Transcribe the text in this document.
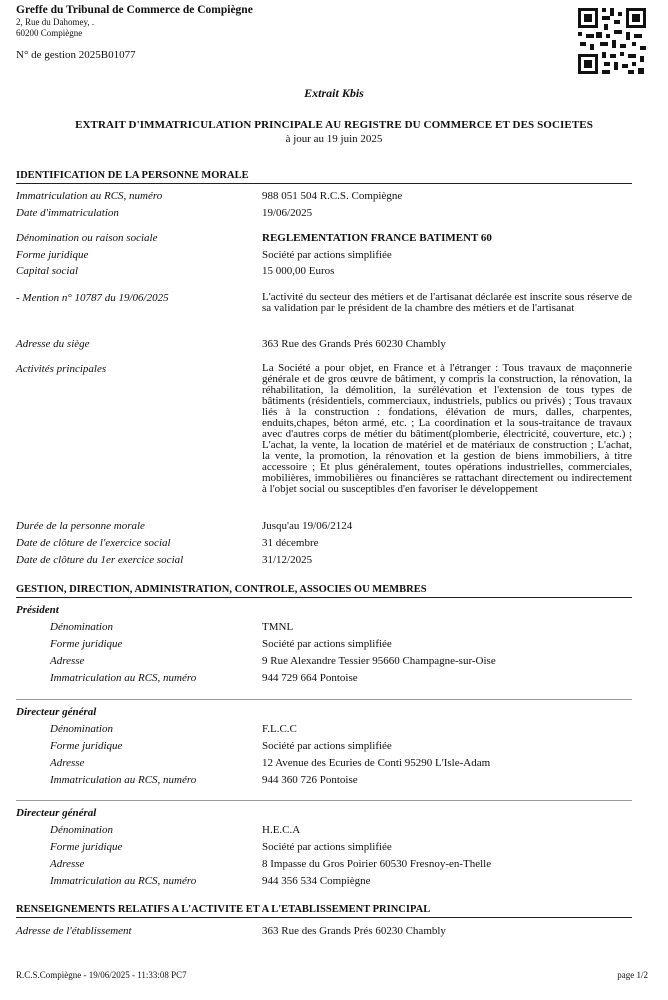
Greffe du Tribunal de Commerce de Compiègne
2, Rue du Dahomey, .
60200 Compiègne
N° de gestion 2025B01077
Extrait Kbis
EXTRAIT D'IMMATRICULATION PRINCIPALE AU REGISTRE DU COMMERCE ET DES SOCIETES
à jour au 19 juin 2025
IDENTIFICATION DE LA PERSONNE MORALE
Immatriculation au RCS, numéro	988 051 504 R.C.S. Compiègne
Date d'immatriculation	19/06/2025
Dénomination ou raison sociale	REGLEMENTATION FRANCE BATIMENT 60
Forme juridique	Société par actions simplifiée
Capital social	15 000,00 Euros
- Mention n° 10787 du 19/06/2025	L'activité du secteur des métiers et de l'artisanat déclarée est inscrite sous réserve de sa validation par le président de la chambre des métiers et de l'artisanat
Adresse du siège	363 Rue des Grands Prés 60230 Chambly
Activités principales	La Société a pour objet, en France et à l'étranger : Tous travaux de maçonnerie générale et de gros œuvre de bâtiment, y compris la construction, la rénovation, la réhabilitation, la démolition, la surélévation et l'extension de tous types de bâtiments (résidentiels, commerciaux, industriels, publics ou privés) ; Tous travaux liés à la construction : fondations, élévation de murs, dalles, charpentes, enduits,chapes, béton armé, etc. ; La coordination et la sous-traitance de travaux avec d'autres corps de métier du bâtiment(plomberie, électricité, couverture, etc.) ; L'achat, la vente, la location de matériel et de matériaux de construction ; L'achat, la vente, la promotion, la rénovation et la gestion de biens immobiliers, à titre accessoire ; Et plus généralement, toutes opérations industrielles, commerciales, mobilières, immobilières ou financières se rattachant directement ou indirectement à l'objet social ou susceptibles d'en favoriser le développement
Durée de la personne morale	Jusqu'au 19/06/2124
Date de clôture de l'exercice social	31 décembre
Date de clôture du 1er exercice social	31/12/2025
GESTION, DIRECTION, ADMINISTRATION, CONTROLE, ASSOCIES OU MEMBRES
Président
Dénomination	TMNL
Forme juridique	Société par actions simplifiée
Adresse	9 Rue Alexandre Tessier 95660 Champagne-sur-Oise
Immatriculation au RCS, numéro	944 729 664 Pontoise
Directeur général
Dénomination	F.L.C.C
Forme juridique	Société par actions simplifiée
Adresse	12 Avenue des Ecuries de Conti 95290 L'Isle-Adam
Immatriculation au RCS, numéro	944 360 726 Pontoise
Directeur général
Dénomination	H.E.C.A
Forme juridique	Société par actions simplifiée
Adresse	8 Impasse du Gros Poirier 60530 Fresnoy-en-Thelle
Immatriculation au RCS, numéro	944 356 534 Compiègne
RENSEIGNEMENTS RELATIFS A L'ACTIVITE ET A L'ETABLISSEMENT PRINCIPAL
Adresse de l'établissement	363 Rue des Grands Prés 60230 Chambly
R.C.S.Compiègne - 19/06/2025 - 11:33:08 PC7	page 1/2
